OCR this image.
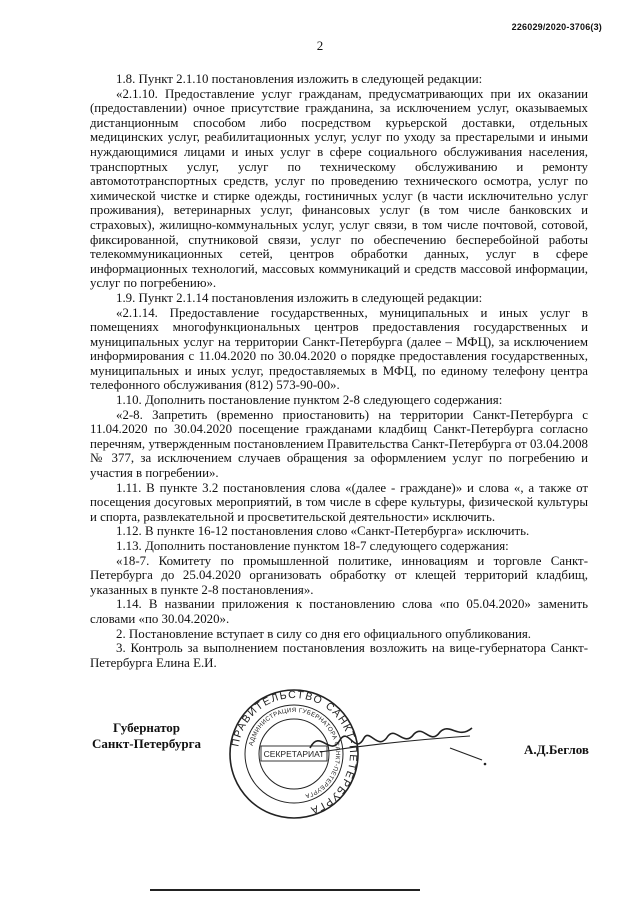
226029/2020-3706(3)
2

1.8. Пункт 2.1.10 постановления изложить в следующей редакции:

«2.1.10. Предоставление услуг гражданам, предусматривающих при их оказании (предоставлении) очное присутствие гражданина, за исключением услуг, оказываемых дистанционным способом либо посредством курьерской доставки, отдельных медицинских услуг, реабилитационных услуг, услуг по уходу за престарелыми и иными нуждающимися лицами и иных услуг в сфере социального обслуживания населения, транспортных услуг, услуг по техническому обслуживанию и ремонту автомототранспортных средств, услуг по проведению технического осмотра, услуг по химической чистке и стирке одежды, гостиничных услуг (в части исключительно услуг проживания), ветеринарных услуг, финансовых услуг (в том числе банковских и страховых), жилищно-коммунальных услуг, услуг связи, в том числе почтовой, сотовой, фиксированной, спутниковой связи, услуг по обеспечению бесперебойной работы телекоммуникационных сетей, центров обработки данных, услуг в сфере информационных технологий, массовых коммуникаций и средств массовой информации, услуг по погребению».

1.9. Пункт 2.1.14 постановления изложить в следующей редакции:

«2.1.14. Предоставление государственных, муниципальных и иных услуг в помещениях многофункциональных центров предоставления государственных и муниципальных услуг на территории Санкт-Петербурга (далее – МФЦ), за исключением информирования с 11.04.2020 по 30.04.2020 о порядке предоставления государственных, муниципальных и иных услуг, предоставляемых в МФЦ, по единому телефону центра телефонного обслуживания (812) 573-90-00».

1.10. Дополнить постановление пунктом 2-8 следующего содержания:

«2-8. Запретить (временно приостановить) на территории Санкт-Петербурга с 11.04.2020 по 30.04.2020 посещение гражданами кладбищ Санкт-Петербурга согласно перечням, утвержденным постановлением Правительства Санкт-Петербурга от 03.04.2008 № 377, за исключением случаев обращения за оформлением услуг по погребению и участия в погребении».

1.11. В пункте 3.2 постановления слова «(далее - граждане)» и слова «, а также от посещения досуговых мероприятий, в том числе в сфере культуры, физической культуры и спорта, развлекательной и просветительской деятельности» исключить.

1.12. В пункте 16-12 постановления слово «Санкт-Петербурга» исключить.

1.13. Дополнить постановление пунктом 18-7 следующего содержания:

«18-7. Комитету по промышленной политике, инновациям и торговле Санкт-Петербурга до 25.04.2020 организовать обработку от клещей территорий кладбищ, указанных в пункте 2-8 постановления».

1.14. В названии приложения к постановлению слова «по 05.04.2020» заменить словами «по 30.04.2020».

2. Постановление вступает в силу со дня его официального опубликования.

3. Контроль за выполнением постановления возложить на вице-губернатора Санкт-Петербурга Елина Е.И.

Губернатор
Санкт-Петербурга	ПРАВИТЕЛЬСТВО САНКТ-ПЕТЕРБУРГА
АДМИНИСТРАЦИЯ ГУБЕРНАТОРА САНКТ-ПЕТЕРБУРГА
СЕКРЕТАРИАТ	А.Д.Беглов
